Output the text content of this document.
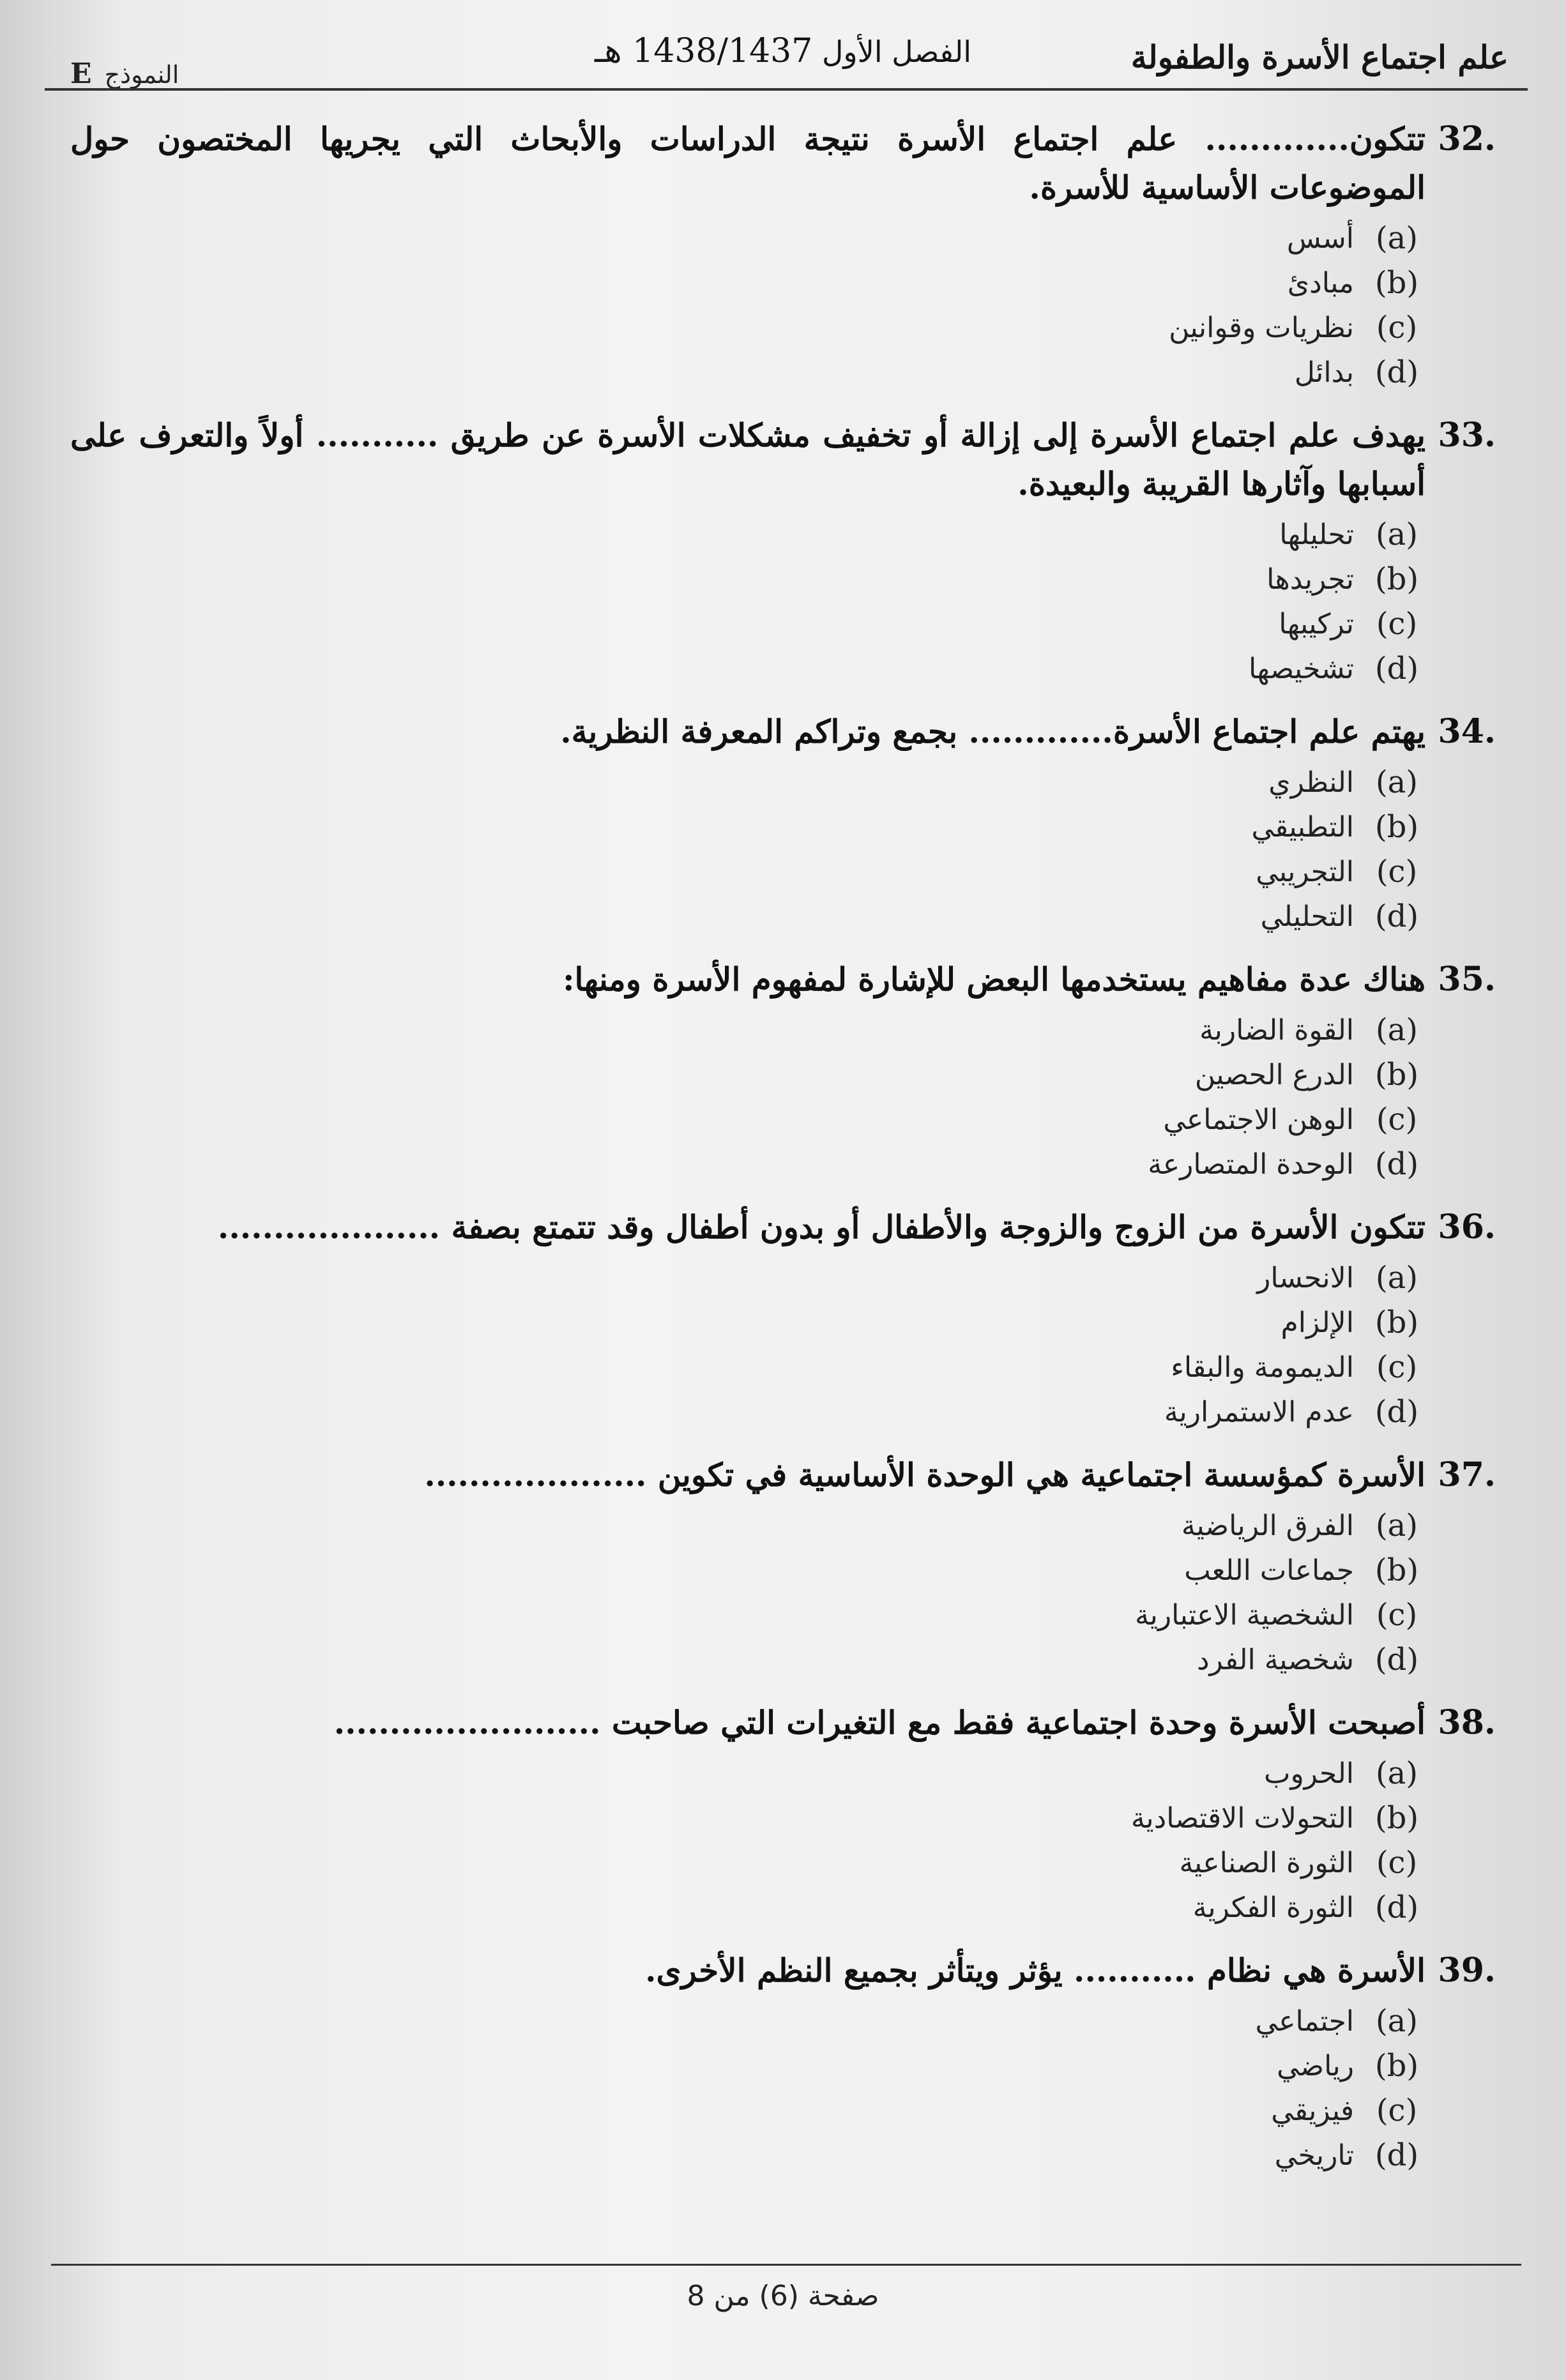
علم اجتماع الأسرة والطفولة
الفصل الأول 1438/1437 هـ
النموذج E
32.
تتكون............. علم اجتماع الأسرة نتيجة الدراسات والأبحاث التي يجريها المختصون حول الموضوعات الأساسية للأسرة.
(a)
أسس
(b)
مبادئ
(c)
نظريات وقوانين
(d)
بدائل
33.
يهدف علم اجتماع الأسرة إلى إزالة أو تخفيف مشكلات الأسرة عن طريق ........... أولاً والتعرف على أسبابها وآثارها القريبة والبعيدة.
(a)
تحليلها
(b)
تجريدها
(c)
تركيبها
(d)
تشخيصها
34.
يهتم علم اجتماع الأسرة............. بجمع وتراكم المعرفة النظرية.
(a)
النظري
(b)
التطبيقي
(c)
التجريبي
(d)
التحليلي
35.
هناك عدة مفاهيم يستخدمها البعض للإشارة لمفهوم الأسرة ومنها:
(a)
القوة الضاربة
(b)
الدرع الحصين
(c)
الوهن الاجتماعي
(d)
الوحدة المتصارعة
36.
تتكون الأسرة من الزوج والزوجة والأطفال أو بدون أطفال وقد تتمتع بصفة ....................
(a)
الانحسار
(b)
الإلزام
(c)
الديمومة والبقاء
(d)
عدم الاستمرارية
37.
الأسرة كمؤسسة اجتماعية هي الوحدة الأساسية في تكوين ....................
(a)
الفرق الرياضية
(b)
جماعات اللعب
(c)
الشخصية الاعتبارية
(d)
شخصية الفرد
38.
أصبحت الأسرة وحدة اجتماعية فقط مع التغيرات التي صاحبت ........................
(a)
الحروب
(b)
التحولات الاقتصادية
(c)
الثورة الصناعية
(d)
الثورة الفكرية
39.
الأسرة هي نظام ........... يؤثر ويتأثر بجميع النظم الأخرى.
(a)
اجتماعي
(b)
رياضي
(c)
فيزيقي
(d)
تاريخي
صفحة (6) من 8
